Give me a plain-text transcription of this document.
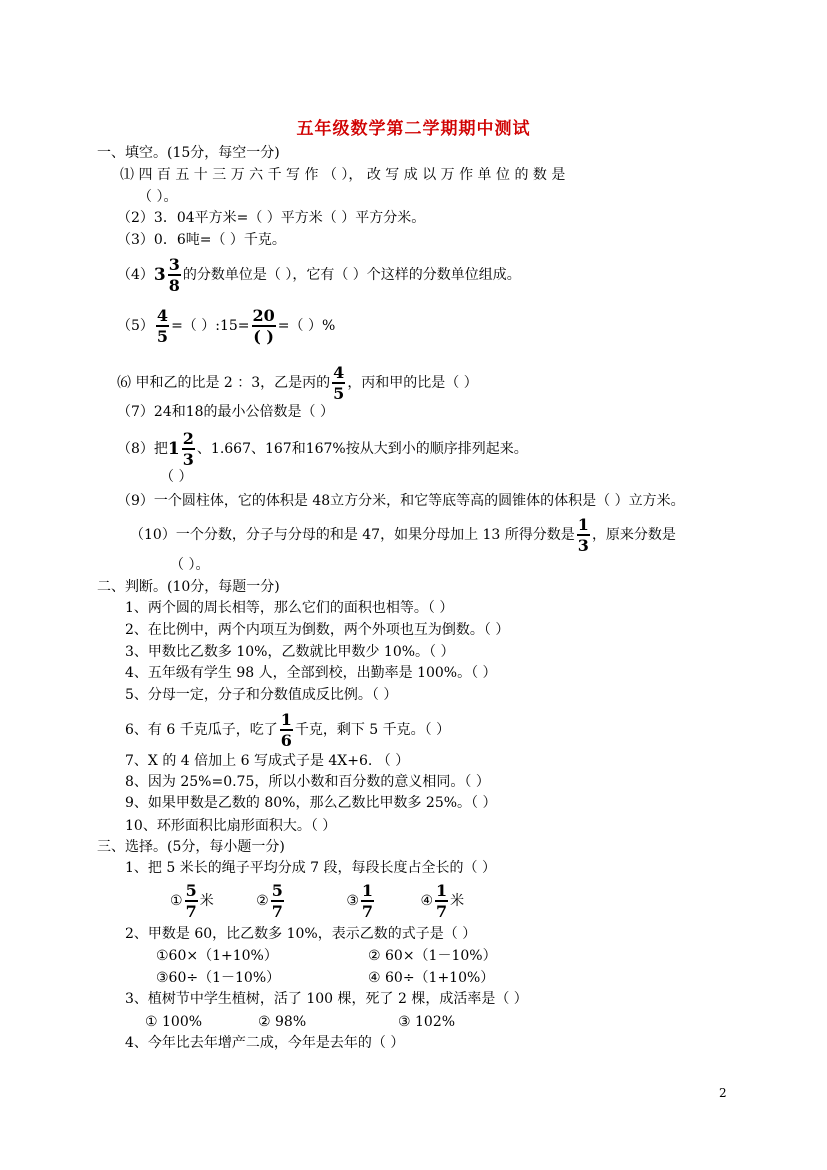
五年级数学第二学期期中测试
一、填空。(15分，每空一分)
⑴ 四 百 五 十 三 万 六 千 写 作 （ ）， 改 写 成 以 万 作 单 位 的 数 是
（ ）。
（2）3．04平方米=（ ）平方米（ ）平方分米。
（3）0．6吨=（ ）千克。
$(4)3 \frac{3}{8}$ 的分数单位是（ ），它有（ ）个这样的分数单位组成。
$(5) \frac{4}{5}$ =（ ）:15= $\frac{20}{( )}$ =（ ）%
⑹ 甲和乙的比是 2 ：3，乙是丙的 $\frac{4}{5}$ ，丙和甲的比是（ ）
（7）24和18的最小公倍数是（ ）
（8）把$1 \frac{2}{3}$ 、1.667、167和167%按从大到小的顺序排列起来。
（ ）
（9）一个圆柱体，它的体积是 48立方分米，和它等底等高的圆锥体的体积是（ ）立方米。
（10）一个分数，分子与分母的和是 47，如果分母加上 13 所得分数是 $\frac{1}{3}$ ，原来分数是
（ ）。
二、判断。(10分，每题一分)
1、两个圆的周长相等，那么它们的面积也相等。（ ）
2、在比例中，两个内项互为倒数，两个外项也互为倒数。（ ）
3、甲数比乙数多 10%，乙数就比甲数少 10%。（ ）
4、五年级有学生 98 人，全部到校，出勤率是 100%。（ ）
5、分母一定，分子和分数值成反比例。（ ）
6、有 6 千克瓜子，吃了 $\frac{1}{6}$ 千克，剩下 5 千克。（ ）
7、X 的 4 倍加上 6 写成式子是 4X+6. （ ）
8、因为 25%=0.75，所以小数和百分数的意义相同。（ ）
9、如果甲数是乙数的 80%，那么乙数比甲数多 25%。（ ）
10、环形面积比扇形面积大。（ ）
三、选择。(5分，每小题一分)
1、把 5 米长的绳子平均分成 7 段，每段长度占全长的（ ）
① $\frac{5}{7}$ 米	② $\frac{5}{7}$	③ $\frac{1}{7}$	④ $\frac{1}{7}$ 米
2、甲数是 60，比乙数多 10%，表示乙数的式子是（ ）
①60×（1+10%）	② 60×（1－10%）
③60÷（1－10%）	④ 60÷（1+10%）
3、植树节中学生植树，活了 100 棵，死了 2 棵，成活率是（ ）
① 100%	② 98%	③ 102%
4、今年比去年增产二成，今年是去年的（ ）
2
